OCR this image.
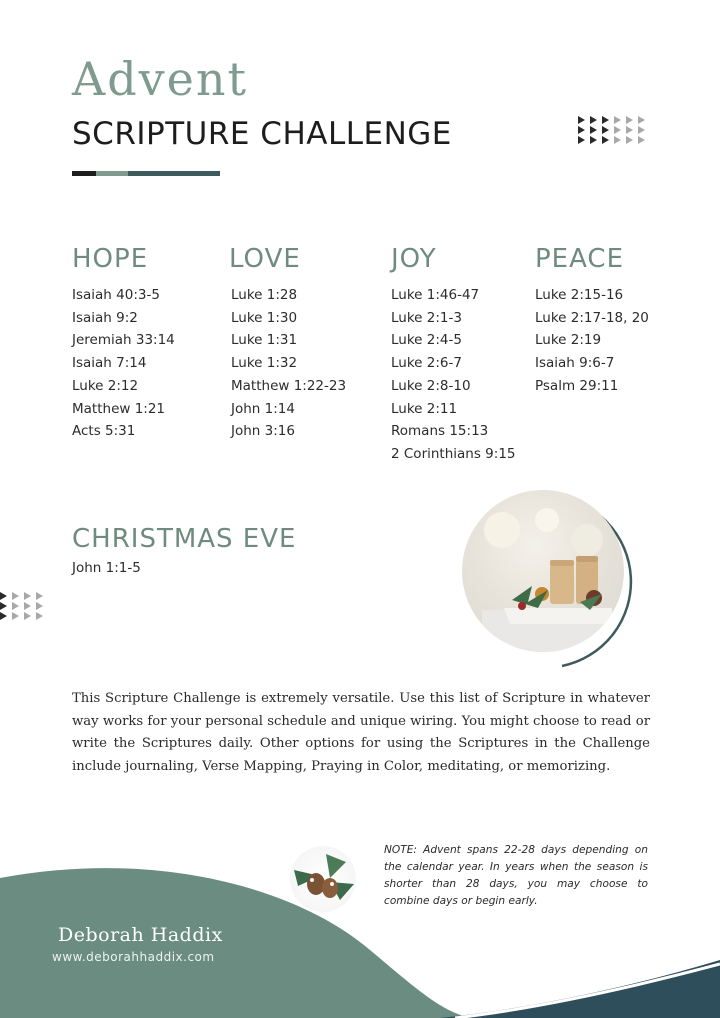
Advent
SCRIPTURE CHALLENGE
HOPE
Isaiah 40:3-5
Isaiah 9:2
Jeremiah 33:14
Isaiah 7:14
Luke 2:12
Matthew 1:21
Acts 5:31
LOVE
Luke 1:28
Luke 1:30
Luke 1:31
Luke 1:32
Matthew 1:22-23
John 1:14
John 3:16
JOY
Luke 1:46-47
Luke 2:1-3
Luke 2:4-5
Luke 2:6-7
Luke 2:8-10
Luke 2:11
Romans 15:13
2 Corinthians 9:15
PEACE
Luke 2:15-16
Luke 2:17-18, 20
Luke 2:19
Isaiah 9:6-7
Psalm 29:11
CHRISTMAS EVE
John 1:1-5
This Scripture Challenge is extremely versatile. Use this list of Scripture in whatever way works for your personal schedule and unique wiring. You might choose to read or write the Scriptures daily. Other options for using the Scriptures in the Challenge include journaling, Verse Mapping, Praying in Color, meditating, or memorizing.
NOTE: Advent spans 22-28 days depending on the calendar year. In years when the season is shorter than 28 days, you may choose to combine days or begin early.
Deborah Haddix
www.deborahhaddix.com
